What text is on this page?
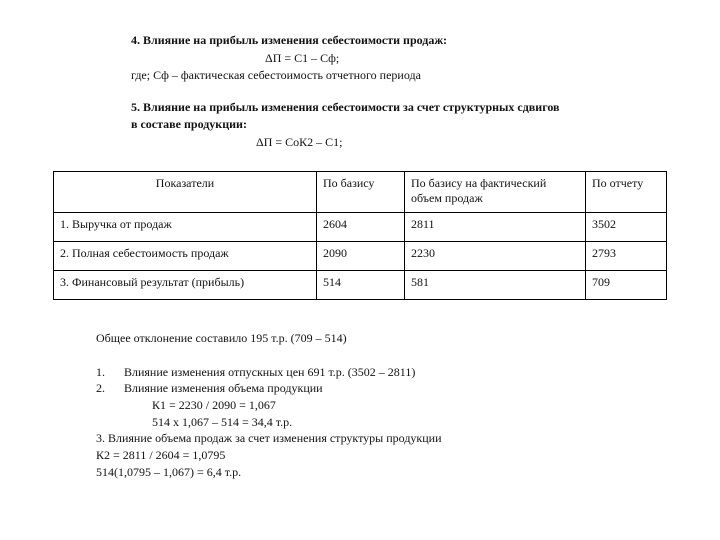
4. Влияние на прибыль изменения себестоимости продаж:
ΔП = С1 – Сф;
где; Сф – фактическая себестоимость отчетного периода
5. Влияние на прибыль изменения себестоимости за счет структурных сдвигов
в составе продукции:
ΔП = СоК2 – С1;
Показатели	По базису	По базису на фактический объем продаж	По отчету
1. Выручка от продаж	2604	2811	3502
2. Полная себестоимость продаж	2090	2230	2793
3. Финансовый результат (прибыль)	514	581	709
Общее отклонение составило 195 т.р. (709 – 514)
1. Влияние изменения отпускных цен 691 т.р. (3502 – 2811)
2. Влияние изменения объема продукции
К1 = 2230 / 2090 = 1,067
514 х 1,067 – 514 = 34,4 т.р.
3. Влияние объема продаж за счет изменения структуры продукции
К2 = 2811 / 2604 = 1,0795
514(1,0795 – 1,067) = 6,4 т.р.
